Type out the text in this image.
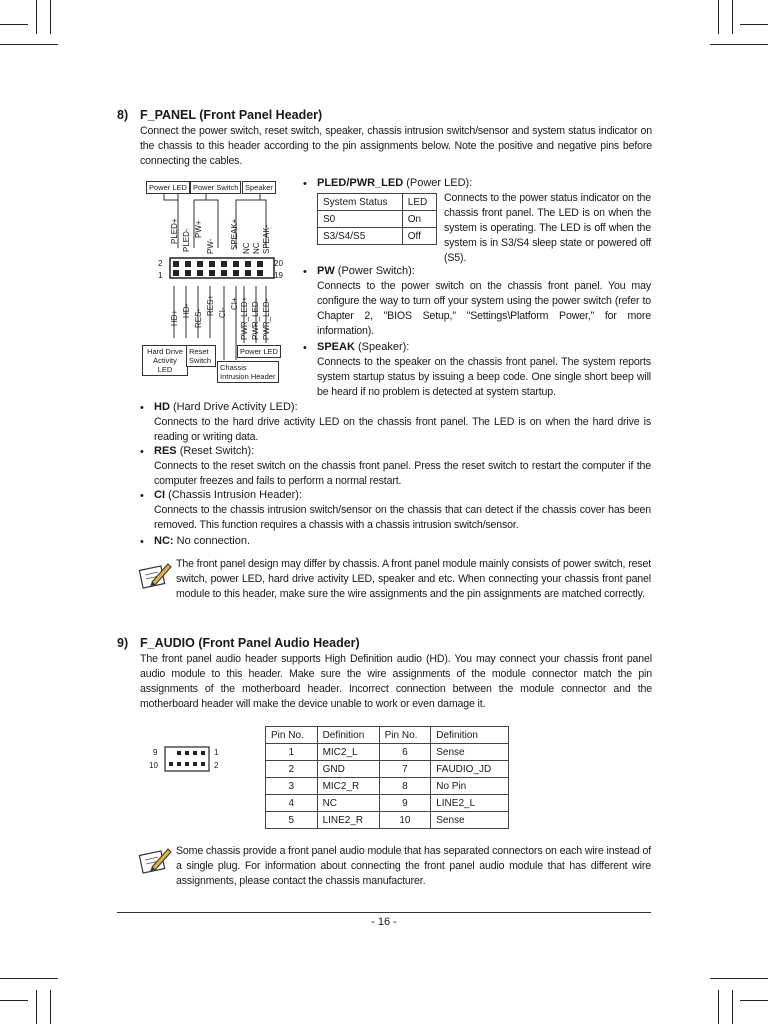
8) F_PANEL (Front Panel Header)
Connect the power switch, reset switch, speaker, chassis intrusion switch/sensor and system status indicator on the chassis to this header according to the pin assignments below. Note the positive and negative pins before connecting the cables.
Power LED Power Switch Speaker
2
1
20
19
PLED+ PLED- PW+
PW- SPEAK+ NC NC SPEAK-
HD+ HD- RES-
RES+ CI-
CI+ PWR_LED+ PWR_LED- PWR_LED-
Hard Drive Activity LED
Reset Switch
Chassis Intrusion Header
Power LED
• PLED/PWR_LED (Power LED):
System Status	LED
S0	On
S3/S4/S5	Off
Connects to the power status indicator on the chassis front panel. The LED is on when the system is operating. The LED is off when the system is in S3/S4 sleep state or powered off (S5).
• PW (Power Switch):
Connects to the power switch on the chassis front panel. You may configure the way to turn off your system using the power switch (refer to Chapter 2, "BIOS Setup," "Settings\Platform Power," for more information).
• SPEAK (Speaker):
Connects to the speaker on the chassis front panel. The system reports system startup status by issuing a beep code. One single short beep will be heard if no problem is detected at system startup.
• HD (Hard Drive Activity LED):
Connects to the hard drive activity LED on the chassis front panel. The LED is on when the hard drive is reading or writing data.
• RES (Reset Switch):
Connects to the reset switch on the chassis front panel. Press the reset switch to restart the computer if the computer freezes and fails to perform a normal restart.
• CI (Chassis Intrusion Header):
Connects to the chassis intrusion switch/sensor on the chassis that can detect if the chassis cover has been removed. This function requires a chassis with a chassis intrusion switch/sensor.
• NC: No connection.
The front panel design may differ by chassis. A front panel module mainly consists of power switch, reset switch, power LED, hard drive activity LED, speaker and etc. When connecting your chassis front panel module to this header, make sure the wire assignments and the pin assignments are matched correctly.
9) F_AUDIO (Front Panel Audio Header)
The front panel audio header supports High Definition audio (HD). You may connect your chassis front panel audio module to this header. Make sure the wire assignments of the module connector match the pin assignments of the motherboard header. Incorrect connection between the module connector and the motherboard header will make the device unable to work or even damage it.
9
10
1
2
Pin No.	Definition	Pin No.	Definition
1	MIC2_L	6	Sense
2	GND	7	FAUDIO_JD
3	MIC2_R	8	No Pin
4	NC	9	LINE2_L
5	LINE2_R	10	Sense
Some chassis provide a front panel audio module that has separated connectors on each wire instead of a single plug. For information about connecting the front panel audio module that has different wire assignments, please contact the chassis manufacturer.
- 16 -
